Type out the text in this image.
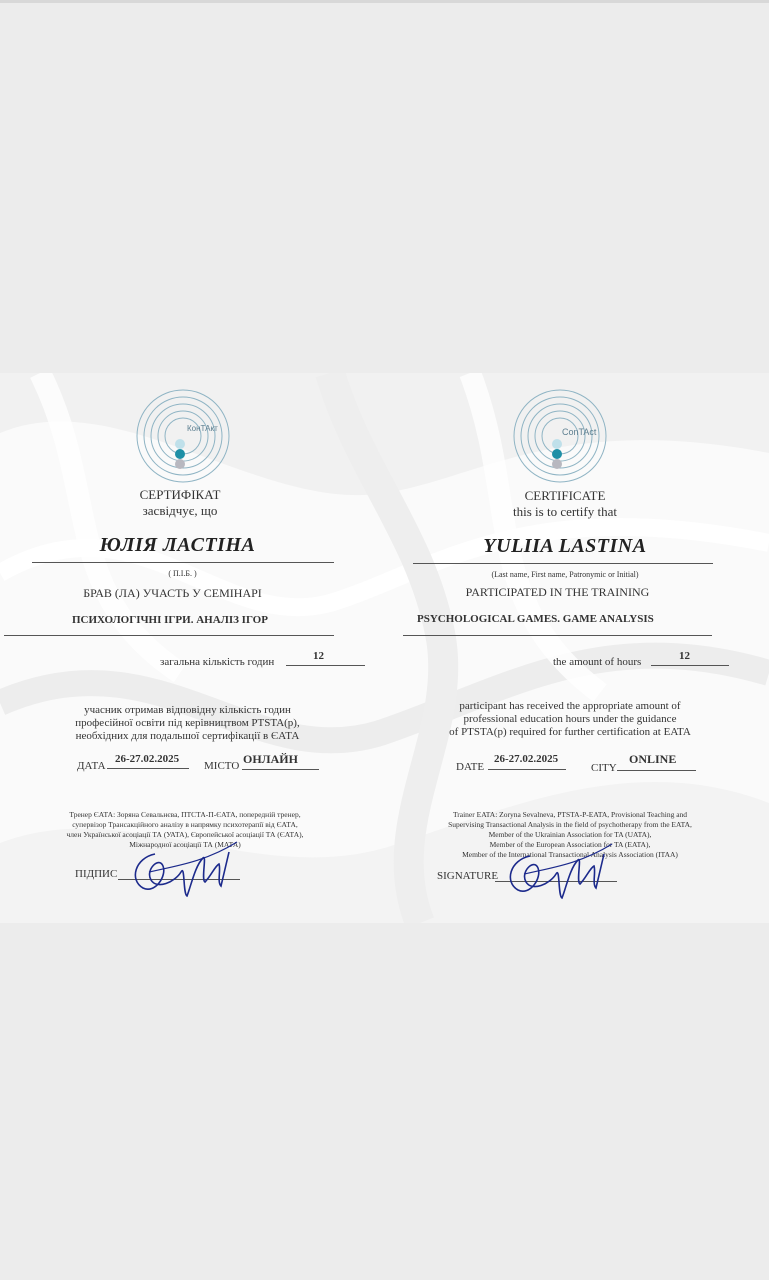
КонТАкт
СЕРТИФІКАТ
засвідчує, що
ЮЛІЯ ЛАСТІНА
( П.І.Б. )
БРАВ (ЛА) УЧАСТЬ У СЕМІНАРІ
ПСИХОЛОГІЧНІ ІГРИ. АНАЛІЗ ІГОР
загальна кількість годин	12
учасник отримав відповідну кількість годин
професійної освіти під керівництвом PTSTA(p),
необхідних для подальшої сертифікації в ЄАТА
ДАТА
26-27.02.2025
МІСТО ОНЛАЙН
Тренер ЄАТА: Зоряна Севальнєва, ПТСТА-П-ЄАТА, попередній тренер,
супервізор Трансакційного аналізу в напрямку психотерапії від ЄАТА,
член Української асоціації ТА (УАТА), Європейської асоціації ТА (ЄАТА),
Міжнародної асоціації ТА (МАТА)
ПІДПИС
ConTAct
CERTIFICATE
this is to certify that
YULIIA LASTINA
(Last name, First name, Patronymic or Initial)
PARTICIPATED IN THE TRAINING
PSYCHOLOGICAL GAMES. GAME ANALYSIS
the amount of hours	12
participant has received the appropriate amount of
professional education hours under the guidance
of PTSTA(p) required for further certification at EATA
DATE
26-27.02.2025
CITY
ONLINE
Trainer EATA: Zoryna Sevalneva, PTSTA-P-EATA, Provisional Teaching and
Supervising Transactional Analysis in the field of psychotherapy from the EATA,
Member of the Ukrainian Association for TA (UATA),
Member of the European Association for TA (EATA),
Member of the International Transactional Analysis Association (ITAA)
SIGNATURE
